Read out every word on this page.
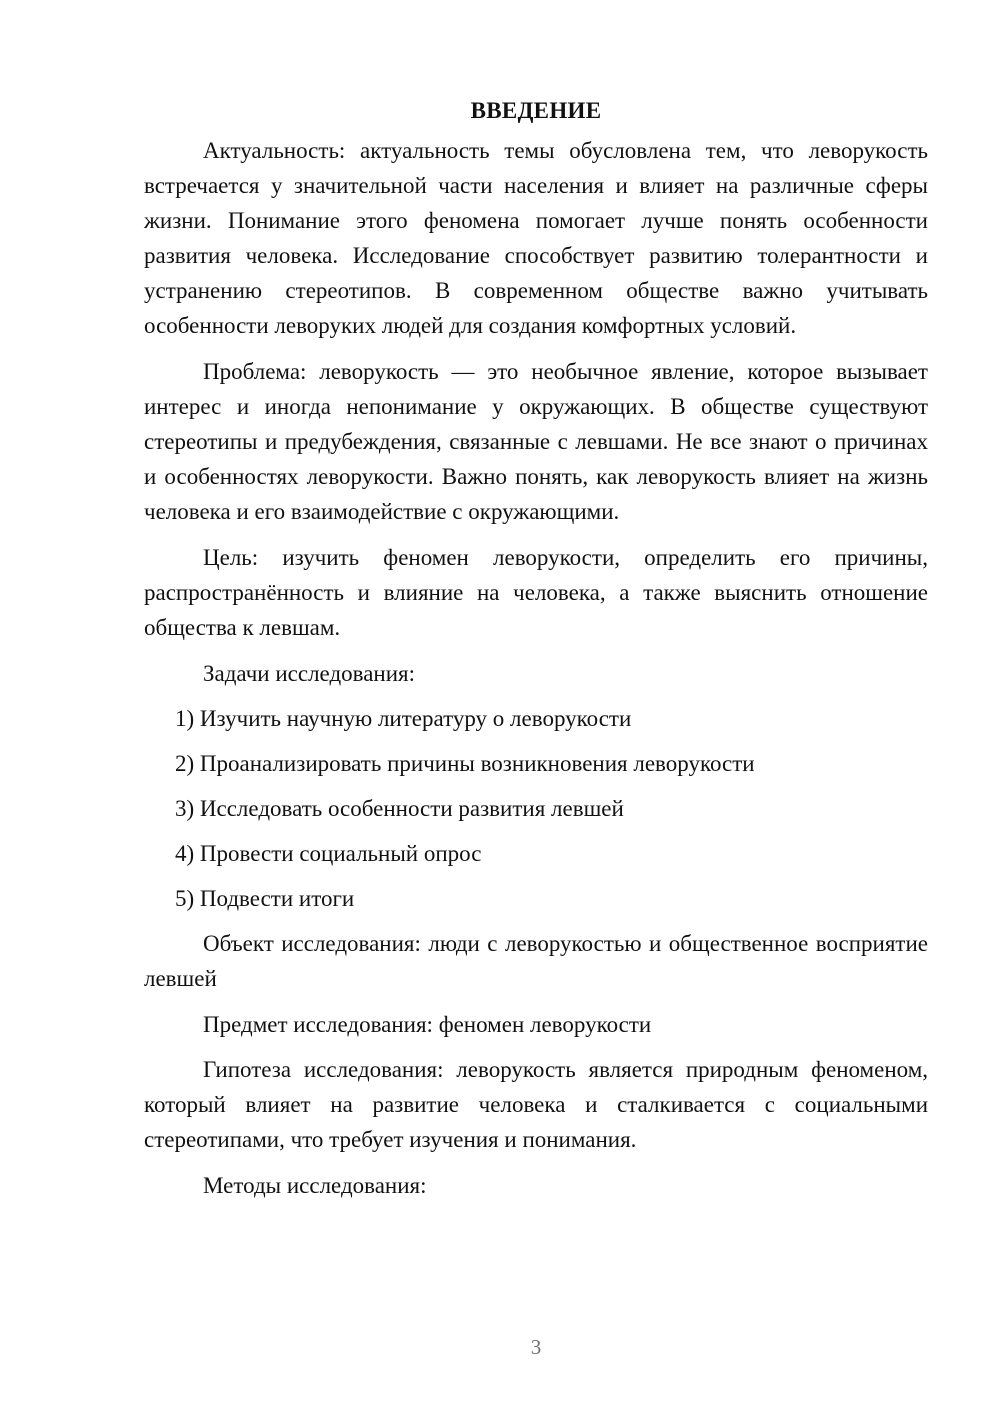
ВВЕДЕНИЕ

Актуальность: актуальность темы обусловлена тем, что леворукость встречается у значительной части населения и влияет на различные сферы жизни. Понимание этого феномена помогает лучше понять особенности развития человека. Исследование способствует развитию толерантности и устранению стереотипов. В современном обществе важно учитывать особенности леворуких людей для создания комфортных условий.

Проблема: леворукость — это необычное явление, которое вызывает интерес и иногда непонимание у окружающих. В обществе существуют стереотипы и предубеждения, связанные с левшами. Не все знают о причинах и особенностях леворукости. Важно понять, как леворукость влияет на жизнь человека и его взаимодействие с окружающими.

Цель: изучить феномен леворукости, определить его причины, распространённость и влияние на человека, а также выяснить отношение общества к левшам.

Задачи исследования:

1) Изучить научную литературу о леворукости
2) Проанализировать причины возникновения леворукости
3) Исследовать особенности развития левшей
4) Провести социальный опрос
5) Подвести итоги

Объект исследования: люди с леворукостью и общественное восприятие левшей

Предмет исследования: феномен леворукости

Гипотеза исследования: леворукость является природным феноменом, который влияет на развитие человека и сталкивается с социальными стереотипами, что требует изучения и понимания.

Методы исследования:

3
